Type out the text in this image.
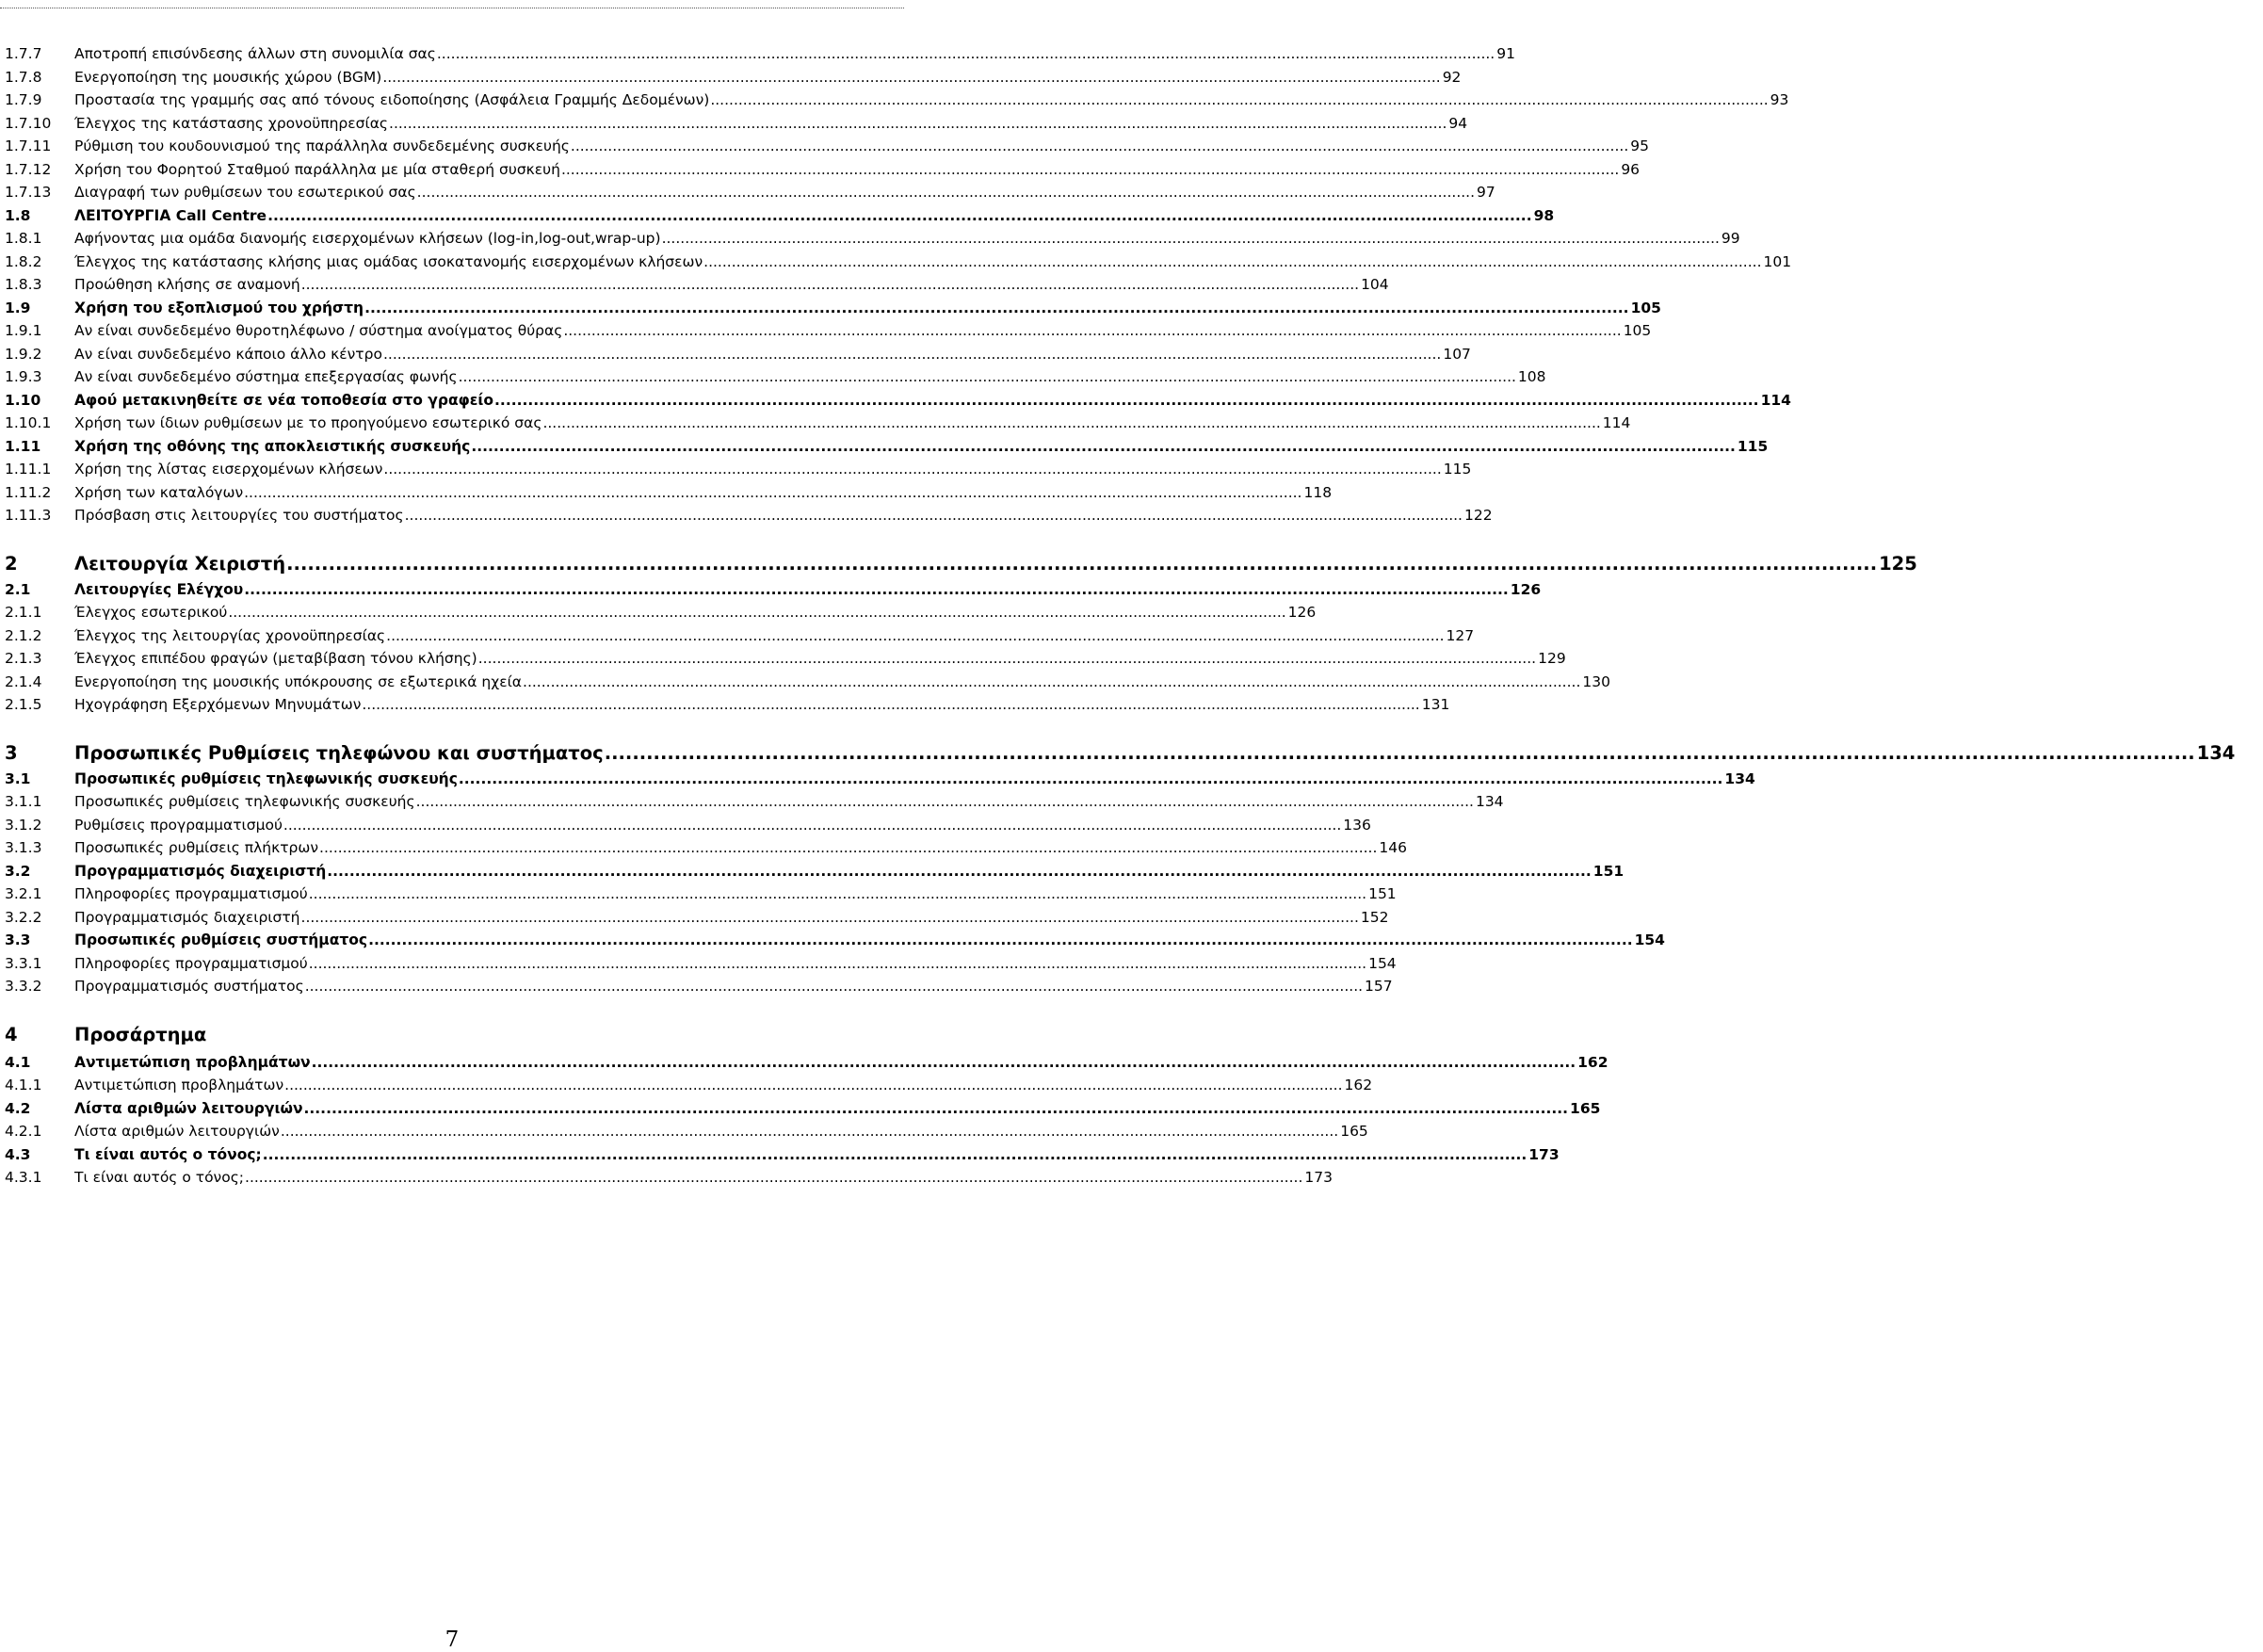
1.7.7	Αποτροπή επισύνδεσης άλλων στη συνομιλία σας .....	91
1.7.8	Ενεργοποίηση της μουσικής χώρου (BGM) .....	92
1.7.9	Προστασία της γραμμής σας από τόνους ειδοποίησης (Ασφάλεια Γραμμής Δεδομένων) .....	93
1.7.10	Έλεγχος της κατάστασης χρονοϋπηρεσίας .....	94
1.7.11	Ρύθμιση του κουδουνισμού της παράλληλα συνδεδεμένης συσκευής .....	95
1.7.12	Χρήση του Φορητού Σταθμού παράλληλα με μία σταθερή συσκευή .....	96
1.7.13	Διαγραφή των ρυθμίσεων του εσωτερικού σας .....	97
1.8	ΛΕΙΤΟΥΡΓΙΑ Call Centre .....	98
1.8.1	Αφήνοντας μια ομάδα διανομής εισερχομένων κλήσεων (log-in,log-out,wrap-up) .....	99
1.8.2	Έλεγχος της κατάστασης κλήσης μιας ομάδας ισοκατανομής εισερχομένων κλήσεων .....	101
1.8.3	Προώθηση κλήσης σε αναμονή .....	104
1.9	Χρήση του εξοπλισμού του χρήστη .....	105
1.9.1	Αν είναι συνδεδεμένο θυροτηλέφωνο / σύστημα ανοίγματος θύρας .....	105
1.9.2	Αν είναι συνδεδεμένο κάποιο άλλο κέντρο .....	107
1.9.3	Αν είναι συνδεδεμένο σύστημα επεξεργασίας φωνής .....	108
1.10	Αφού μετακινηθείτε σε νέα τοποθεσία στο γραφείο .....	114
1.10.1	Χρήση των ίδιων ρυθμίσεων με το προηγούμενο εσωτερικό σας .....	114
1.11	Χρήση της οθόνης της αποκλειστικής συσκευής .....	115
1.11.1	Χρήση της λίστας εισερχομένων κλήσεων .....	115
1.11.2	Χρήση των καταλόγων .....	118
1.11.3	Πρόσβαση στις λειτουργίες του συστήματος .....	122
2	Λειτουργία Χειριστή .....	125
2.1	Λειτουργίες Ελέγχου .....	126
2.1.1	Έλεγχος εσωτερικού .....	126
2.1.2	Έλεγχος της λειτουργίας χρονοϋπηρεσίας .....	127
2.1.3	Έλεγχος επιπέδου φραγών (μεταβίβαση τόνου κλήσης) .....	129
2.1.4	Ενεργοποίηση της μουσικής υπόκρουσης σε εξωτερικά ηχεία .....	130
2.1.5	Ηχογράφηση Εξερχόμενων Μηνυμάτων .....	131
3	Προσωπικές Ρυθμίσεις τηλεφώνου και συστήματος .....	134
3.1	Προσωπικές ρυθμίσεις τηλεφωνικής συσκευής .....	134
3.1.1	Προσωπικές ρυθμίσεις τηλεφωνικής συσκευής .....	134
3.1.2	Ρυθμίσεις προγραμματισμού .....	136
3.1.3	Προσωπικές ρυθμίσεις πλήκτρων .....	146
3.2	Προγραμματισμός διαχειριστή .....	151
3.2.1	Πληροφορίες προγραμματισμού .....	151
3.2.2	Προγραμματισμός διαχειριστή .....	152
3.3	Προσωπικές ρυθμίσεις συστήματος .....	154
3.3.1	Πληροφορίες προγραμματισμού .....	154
3.3.2	Προγραμματισμός συστήματος .....	157
4	Προσάρτημα
4.1	Αντιμετώπιση προβλημάτων .....	162
4.1.1	Αντιμετώπιση προβλημάτων .....	162
4.2	Λίστα αριθμών λειτουργιών .....	165
4.2.1	Λίστα αριθμών λειτουργιών .....	165
4.3	Τι είναι αυτός ο τόνος; .....	173
4.3.1	Τι είναι αυτός ο τόνος; .....	173
7
